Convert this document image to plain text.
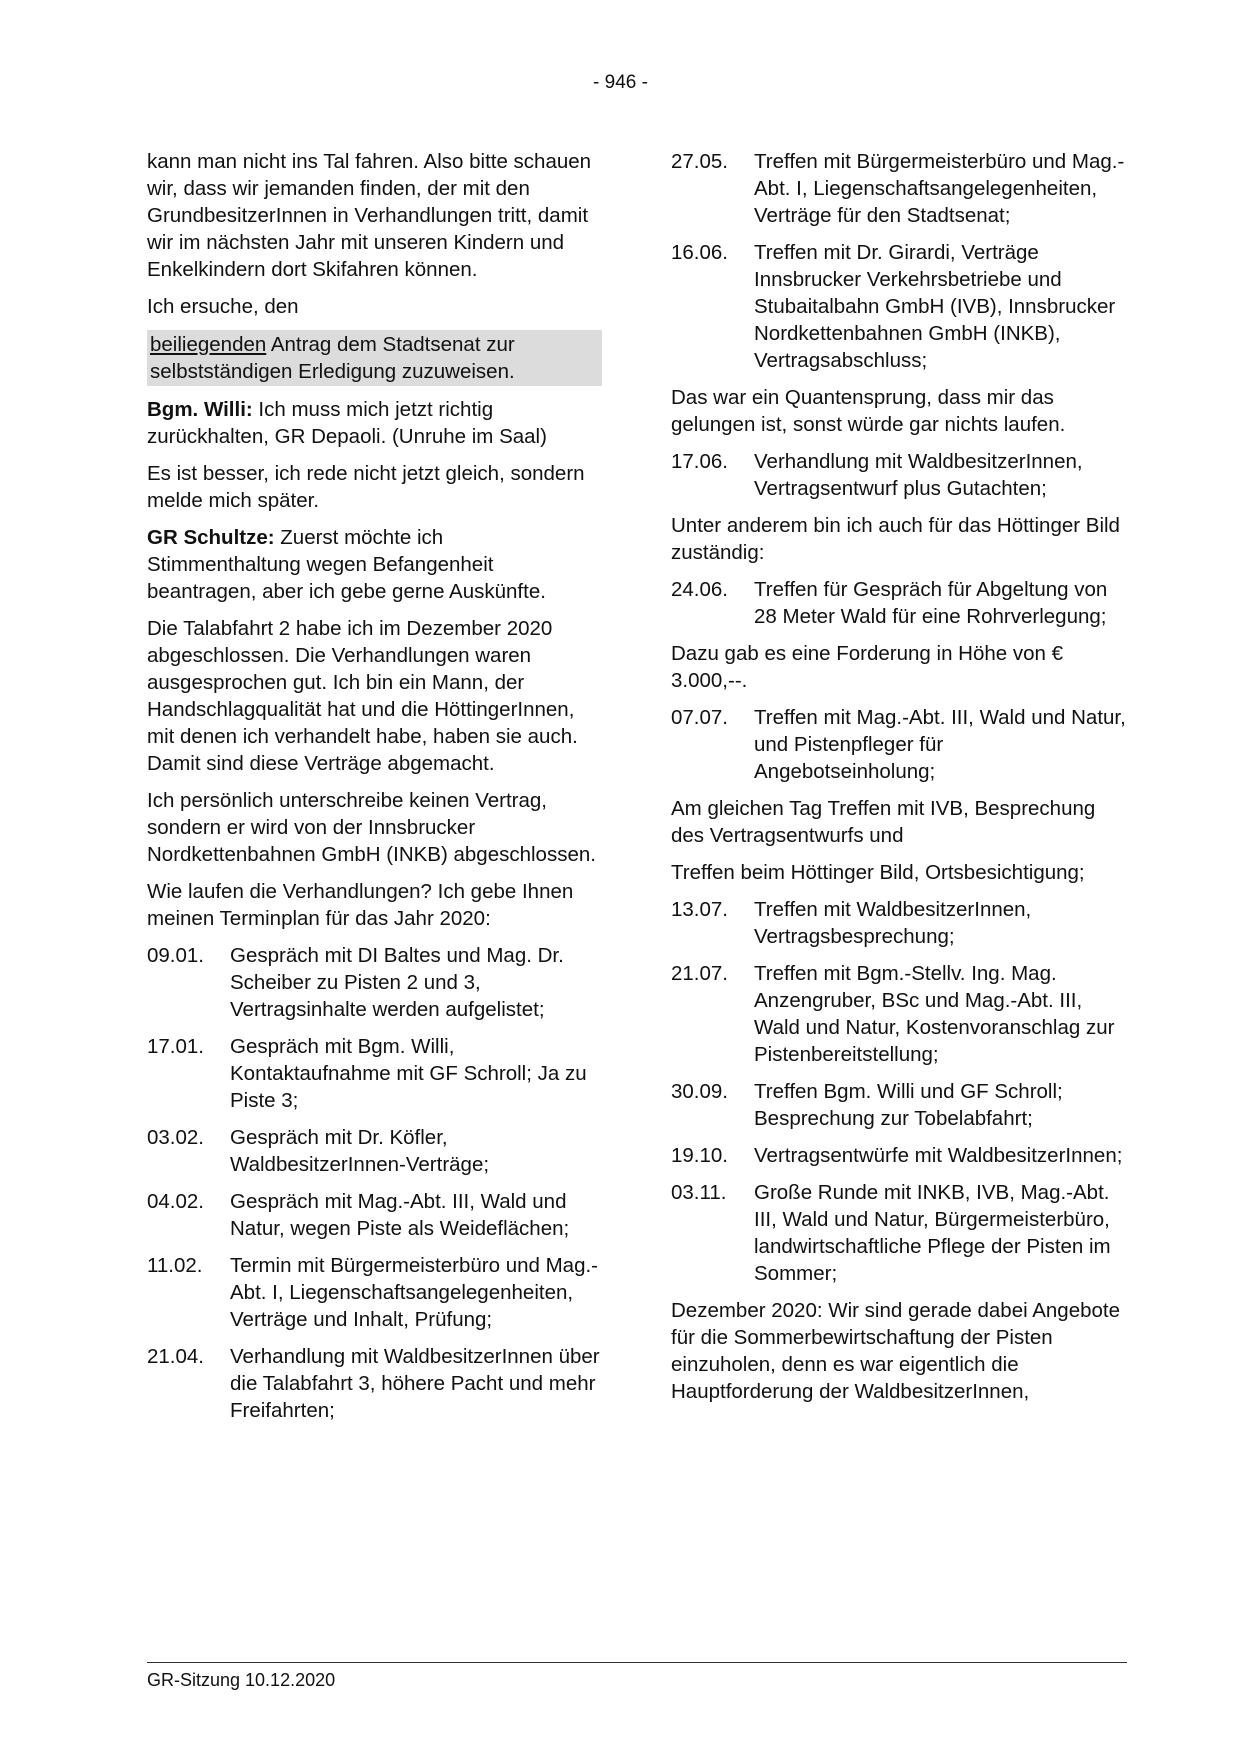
- 946 -

kann man nicht ins Tal fahren. Also bitte schauen wir, dass wir jemanden finden, der mit den GrundbesitzerInnen in Verhandlungen tritt, damit wir im nächsten Jahr mit unseren Kindern und Enkelkindern dort Skifahren können.

Ich ersuche, den

beiliegenden Antrag dem Stadtsenat zur selbstständigen Erledigung zuzuweisen.

Bgm. Willi: Ich muss mich jetzt richtig zurückhalten, GR Depaoli. (Unruhe im Saal)

Es ist besser, ich rede nicht jetzt gleich, sondern melde mich später.

GR Schultze: Zuerst möchte ich Stimmenthaltung wegen Befangenheit beantragen, aber ich gebe gerne Auskünfte.

Die Talabfahrt 2 habe ich im Dezember 2020 abgeschlossen. Die Verhandlungen waren ausgesprochen gut. Ich bin ein Mann, der Handschlagqualität hat und die HöttingerInnen, mit denen ich verhandelt habe, haben sie auch. Damit sind diese Verträge abgemacht.

Ich persönlich unterschreibe keinen Vertrag, sondern er wird von der Innsbrucker Nordkettenbahnen GmbH (INKB) abgeschlossen.

Wie laufen die Verhandlungen? Ich gebe Ihnen meinen Terminplan für das Jahr 2020:

09.01.	Gespräch mit DI Baltes und Mag. Dr. Scheiber zu Pisten 2 und 3, Vertragsinhalte werden aufgelistet;
17.01.	Gespräch mit Bgm. Willi, Kontaktaufnahme mit GF Schroll; Ja zu Piste 3;
03.02.	Gespräch mit Dr. Köfler, WaldbesitzerInnen-Verträge;
04.02.	Gespräch mit Mag.-Abt. III, Wald und Natur, wegen Piste als Weideflächen;
11.02.	Termin mit Bürgermeisterbüro und Mag.-Abt. I, Liegenschaftsangelegenheiten, Verträge und Inhalt, Prüfung;
21.04.	Verhandlung mit WaldbesitzerInnen über die Talabfahrt 3, höhere Pacht und mehr Freifahrten;
27.05.	Treffen mit Bürgermeisterbüro und Mag.-Abt. I, Liegenschaftsangelegenheiten, Verträge für den Stadtsenat;
16.06.	Treffen mit Dr. Girardi, Verträge Innsbrucker Verkehrsbetriebe und Stubaitalbahn GmbH (IVB), Innsbrucker Nordkettenbahnen GmbH (INKB), Vertragsabschluss;

Das war ein Quantensprung, dass mir das gelungen ist, sonst würde gar nichts laufen.

17.06.	Verhandlung mit WaldbesitzerInnen, Vertragsentwurf plus Gutachten;

Unter anderem bin ich auch für das Höttinger Bild zuständig:

24.06.	Treffen für Gespräch für Abgeltung von 28 Meter Wald für eine Rohrverlegung;

Dazu gab es eine Forderung in Höhe von € 3.000,--.

07.07.	Treffen mit Mag.-Abt. III, Wald und Natur, und Pistenpfleger für Angebotseinholung;

Am gleichen Tag Treffen mit IVB, Besprechung des Vertragsentwurfs und

Treffen beim Höttinger Bild, Ortsbesichtigung;

13.07.	Treffen mit WaldbesitzerInnen, Vertragsbesprechung;
21.07.	Treffen mit Bgm.-Stellv. Ing. Mag. Anzengruber, BSc und Mag.-Abt. III, Wald und Natur, Kostenvoranschlag zur Pistenbereitstellung;
30.09.	Treffen Bgm. Willi und GF Schroll; Besprechung zur Tobelabfahrt;
19.10.	Vertragsentwürfe mit WaldbesitzerInnen;
03.11.	Große Runde mit INKB, IVB, Mag.-Abt. III, Wald und Natur, Bürgermeisterbüro, landwirtschaftliche Pflege der Pisten im Sommer;

Dezember 2020: Wir sind gerade dabei Angebote für die Sommerbewirtschaftung der Pisten einzuholen, denn es war eigentlich die Hauptforderung der WaldbesitzerInnen,

GR-Sitzung 10.12.2020
